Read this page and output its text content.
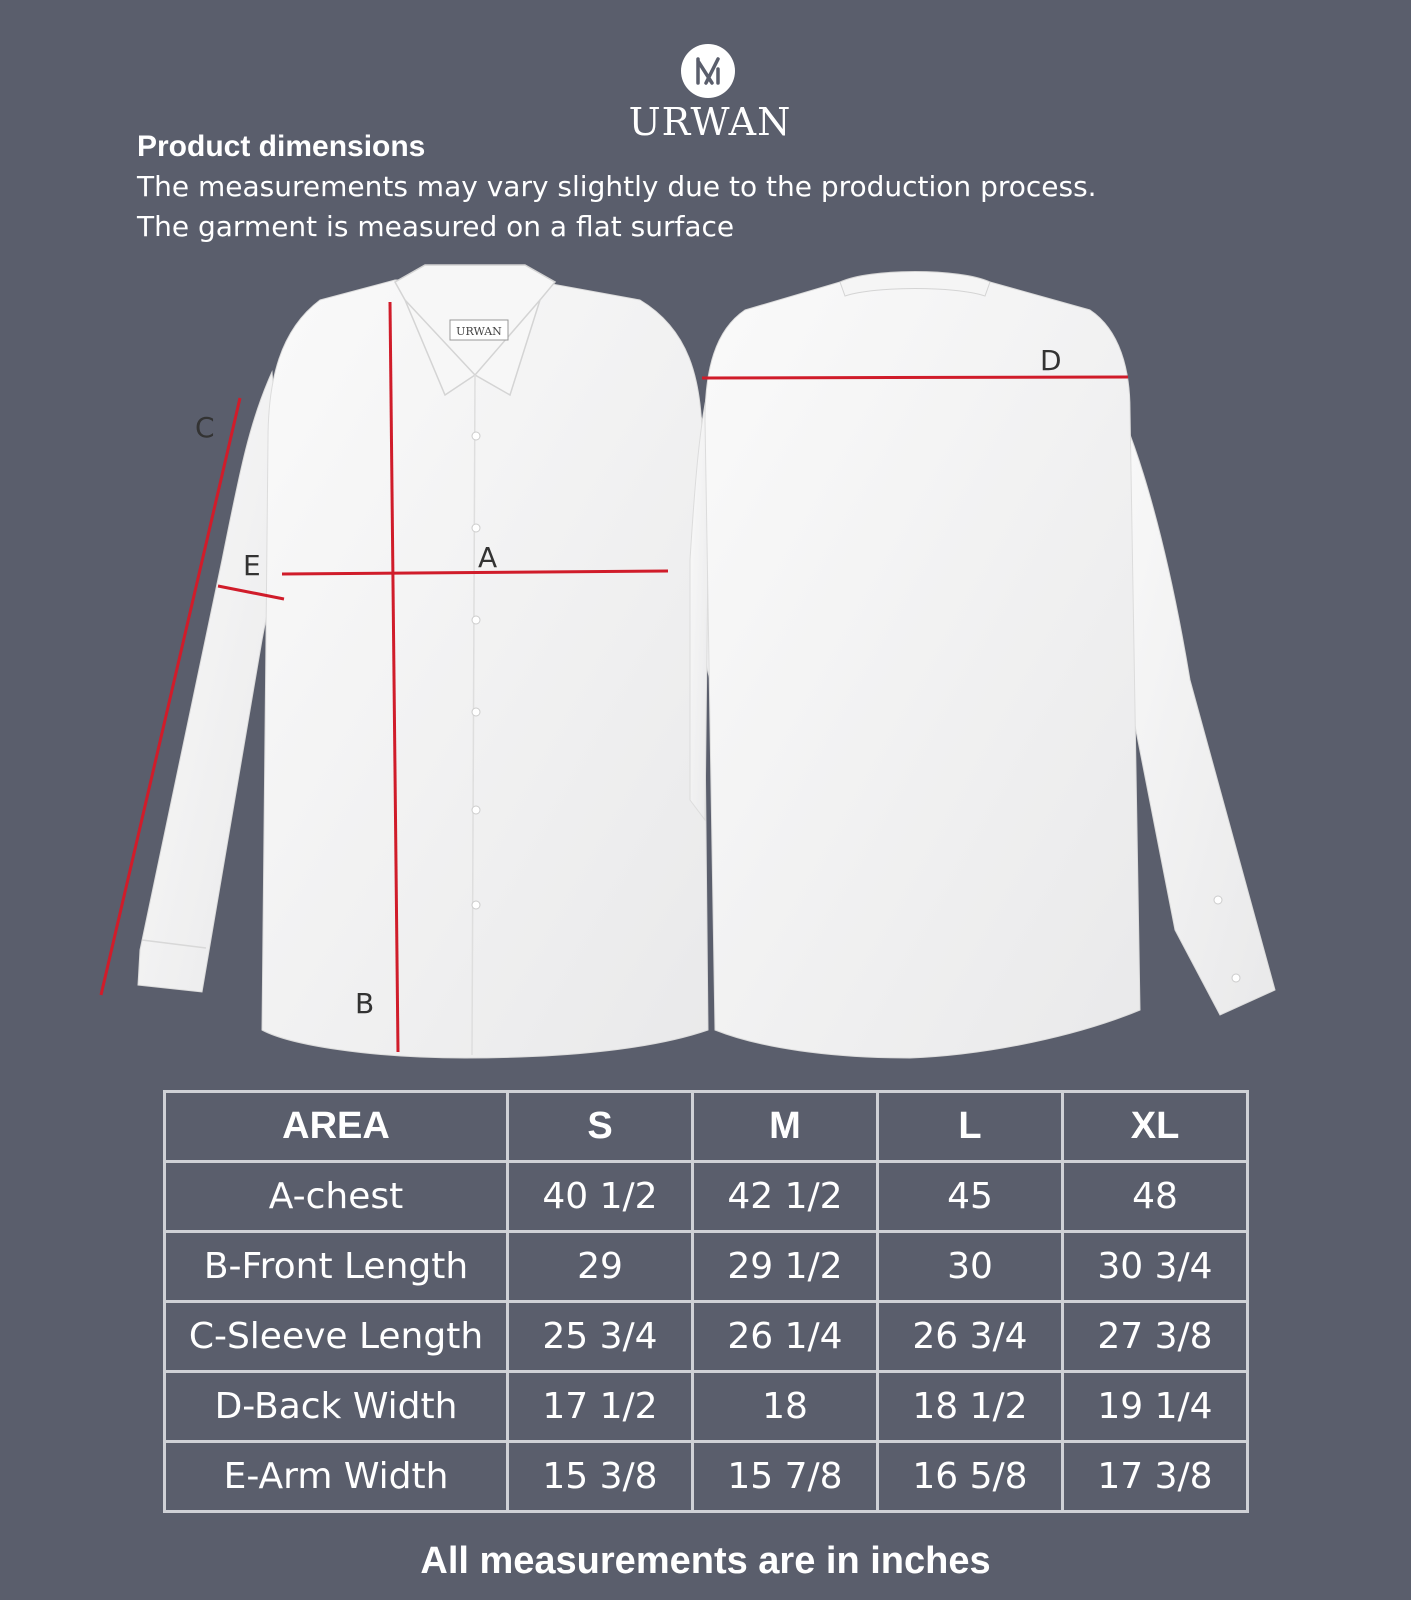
URWAN
Product dimensions
The measurements may vary slightly due to the production process.
The garment is measured on a flat surface
URWAN
A
B
C
D
E
AREA	S	M	L	XL
A-chest	40 1/2	42 1/2	45	48
B-Front Length	29	29 1/2	30	30 3/4
C-Sleeve Length	25 3/4	26 1/4	26 3/4	27 3/8
D-Back Width	17 1/2	18	18 1/2	19 1/4
E-Arm Width	15 3/8	15 7/8	16 5/8	17 3/8
All measurements are in inches
